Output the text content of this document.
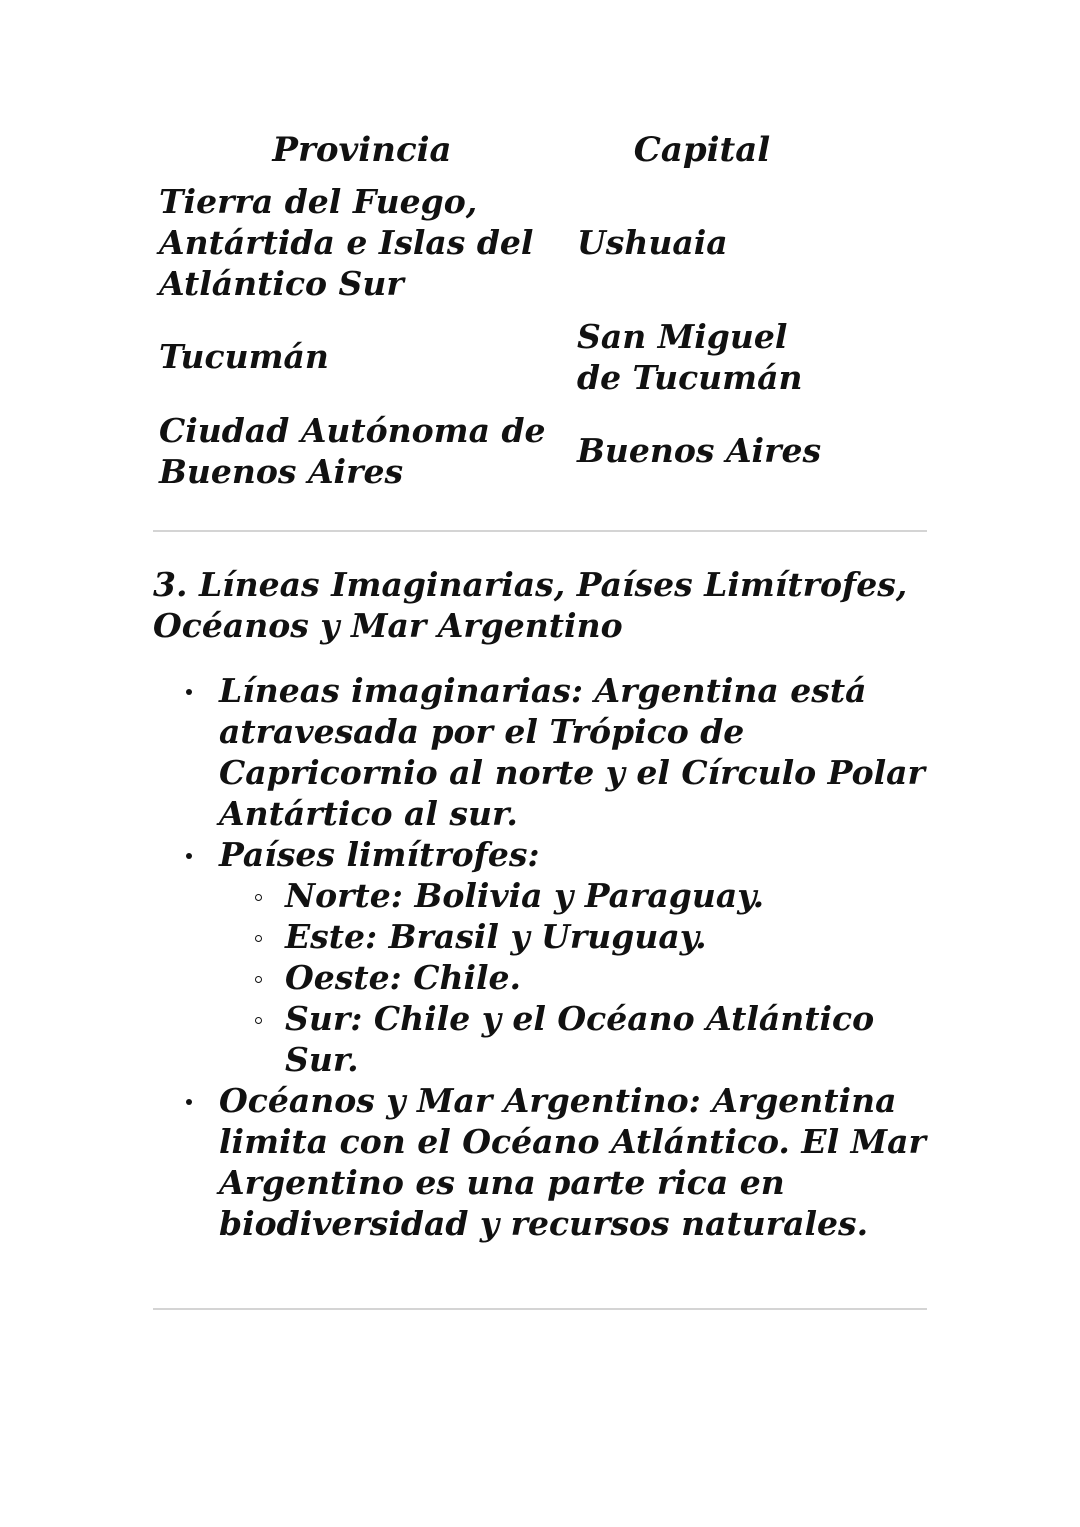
Provincia	Capital
Tierra del Fuego, Antártida e Islas del Atlántico Sur	Ushuaia
Tucumán	San Miguel de Tucumán
Ciudad Autónoma de Buenos Aires	Buenos Aires
3. Líneas Imaginarias, Países Limítrofes, Océanos y Mar Argentino
Líneas imaginarias: Argentina está atravesada por el Trópico de Capricornio al norte y el Círculo Polar Antártico al sur.
Países limítrofes:
Norte: Bolivia y Paraguay.
Este: Brasil y Uruguay.
Oeste: Chile.
Sur: Chile y el Océano Atlántico Sur.
Océanos y Mar Argentino: Argentina limita con el Océano Atlántico. El Mar Argentino es una parte rica en biodiversidad y recursos naturales.
